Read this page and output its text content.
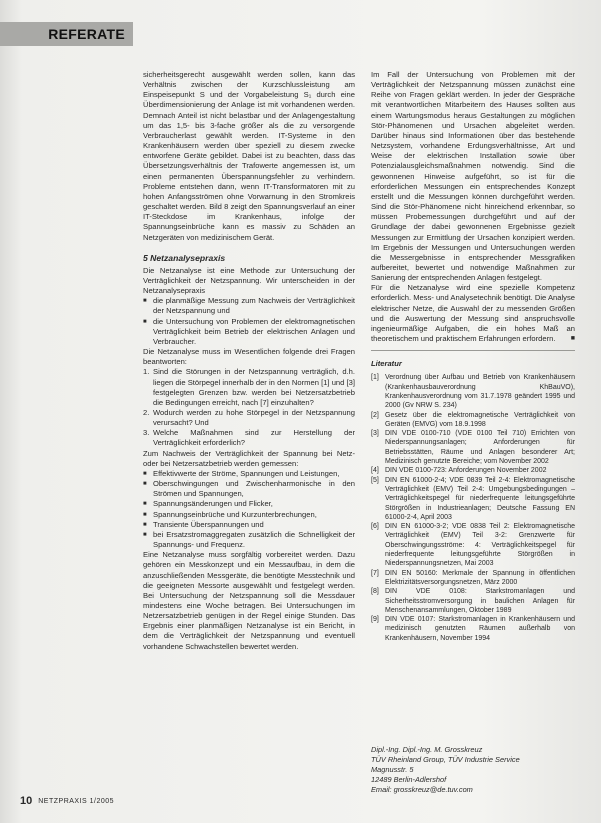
REFERATE

sicherheitsgerecht ausgewählt werden sollen, kann das Verhältnis zwischen der Kurzschlussleistung am Einspeisepunkt S und der Vorgabeleistung S₁ durch eine Überdimensionierung der Anlage ist mit vorhandenen werden. Demnach Anteil ist nicht belastbar und der Anlagengestaltung um das 1,5- bis 3-fache größer als die zu versorgende Verbraucherlast gewählt werden. IT-Systeme in den Krankenhäusern werden über speziell zu diesem zwecke entworfene Geräte gebildet. Dabei ist zu beachten, dass das Übersetzungsverhältnis der Trafowerte angemessen ist, um einen permanenten Überspannungsfehler zu verhindern. Probleme entstehen dann, wenn IT-Transformatoren mit zu hohen Anfangsströmen ohne Vorwarnung in den Stromkreis geschaltet werden. Bild 8 zeigt den Spannungsverlauf an einer IT-Steckdose im Krankenhaus, infolge der Spannungseinbrüche kann es massiv zu Schäden an Netzgeräten von medizinischem Gerät.

5 Netzanalysepraxis

Die Netzanalyse ist eine Methode zur Untersuchung der Verträglichkeit der Netzspannung. Wir unterscheiden in der Netzanalysepraxis

■ die planmäßige Messung zum Nachweis der Verträglichkeit der Netzspannung und
■ die Untersuchung von Problemen der elektromagnetischen Verträglichkeit beim Betrieb der elektrischen Anlagen und Verbraucher.

Die Netzanalyse muss im Wesentlichen folgende drei Fragen beantworten:

1. Sind die Störungen in der Netzspannung verträglich, d.h. liegen die Störpegel innerhalb der in den Normen [1] und [3] festgelegten Grenzen bzw. werden bei Netzersatzbetrieb die Bedingungen erreicht, nach [7] einzuhalten?
2. Wodurch werden zu hohe Störpegel in der Netzspannung verursacht? Und
3. Welche Maßnahmen sind zur Herstellung der Verträglichkeit erforderlich?

Zum Nachweis der Verträglichkeit der Spannung bei Netz- oder bei Netzersatzbetrieb werden gemessen:

■ Effektivwerte der Ströme, Spannungen und Leistungen,
■ Oberschwingungen und Zwischenharmonische in den Strömen und Spannungen,
■ Spannungsänderungen und Flicker,
■ Spannungseinbrüche und Kurzunterbrechungen,
■ Transiente Überspannungen und
■ bei Ersatzstromaggregaten zusätzlich die Schnelligkeit der Spannungs- und Frequenz.

Eine Netzanalyse muss sorgfältig vorbereitet werden. Dazu gehören ein Messkonzept und ein Messaufbau, in dem die anzuschließenden Messgeräte, die benötigte Messtechnik und die geeigneten Messorte ausgewählt und festgelegt werden. Bei Untersuchung der Netzspannung soll die Messdauer mindestens eine Woche betragen. Bei Untersuchungen im Netzersatzbetrieb genügen in der Regel einige Stunden. Das Ergebnis einer planmäßigen Netzanalyse ist ein Bericht, in dem die Verträglichkeit der Netzspannung und eventuell vorhandene Schwachstellen bewertet werden.

Im Fall der Untersuchung von Problemen mit der Verträglichkeit der Netzspannung müssen zunächst eine Reihe von Fragen geklärt werden. In jeder der Gespräche mit verantwortlichen Mitarbeitern des Hauses sollten aus einem Wartungsmodus heraus Gestaltungen zu möglichen Stör-Phänomenen und Ursachen abgeleitet werden. Darüber hinaus sind Informationen über das bestehende Netzsystem, vorhandene Erdungsverhältnisse, Art und Weise der elektrischen Installation sowie über Potenzialausgleichsmaßnahmen notwendig. Sind die gewonnenen Hinweise aufgeführt, so ist für die erforderlichen Messungen ein entsprechendes Konzept erstellt und die Messungen können durchgeführt werden. Sind die Stör-Phänomene nicht hinreichend erkennbar, so müssen Probemessungen durchgeführt und auf der Grundlage der dabei gewonnenen Ergebnisse gezielt Messungen zur Ermittlung der Ursachen konzipiert werden. Im Ergebnis der Messungen und Untersuchungen werden die Messergebnisse in entsprechender Messgrafiken aufbereitet, bewertet und notwendige Maßnahmen zur Sanierung der entsprechenden Anlagen festgelegt.

Für die Netzanalyse wird eine spezielle Kompetenz erforderlich. Mess- und Analysetechnik benötigt. Die Analyse elektrischer Netze, die Auswahl der zu messenden Größen und die Auswertung der Messung sind anspruchsvolle ingenieurmäßige Aufgaben, die ein hohes Maß an theoretischem und praktischem Erfahrungen erfordern. ■

Literatur
[1] Verordnung über Aufbau und Betrieb von Krankenhäusern (Krankenhausbauverordnung KhBauVO), Krankenhausverordnung vom 31.7.1978 geändert 1995 und 2000 (Gv NRW S. 234)
[2] Gesetz über die elektromagnetische Verträglichkeit von Geräten (EMVG) vom 18.9.1998
[3] DIN VDE 0100-710 (VDE 0100 Teil 710) Errichten von Niederspannungsanlagen; Anforderungen für Betriebsstätten, Räume und Anlagen besonderer Art; Medizinisch genutzte Bereiche; vom November 2002
[4] DIN VDE 0100-723: Anforderungen November 2002
[5] DIN EN 61000-2-4; VDE 0839 Teil 2-4: Elektromagnetische Verträglichkeit (EMV) Teil 2-4: Umgebungsbedingungen – Verträglichkeitspegel für niederfrequente leitungsgeführte Störgrößen in Industrieanlagen; Deutsche Fassung EN 61000-2-4, April 2003
[6] DIN EN 61000-3-2; VDE 0838 Teil 2: Elektromagnetische Verträglichkeit (EMV) Teil 3-2: Grenzwerte für Oberschwingungsströme: 4: Verträglichkeitspegel für niederfrequente leitungsgeführte Störgrößen in Niederspannungsnetzen, Mai 2003
[7] DIN EN 50160: Merkmale der Spannung in öffentlichen Elektrizitätsversorgungsnetzen, März 2000
[8] DIN VDE 0108: Starkstromanlagen und Sicherheitsstromversorgung in baulichen Anlagen für Menschenansammlungen, Oktober 1989
[9] DIN VDE 0107: Starkstromanlagen in Krankenhäusern und medizinisch genutzten Räumen außerhalb von Krankenhäusern, November 1994
Dipl.-Ing. Dipl.-Ing. M. Grosskreuz
TÜV Rheinland Group, TÜV Industrie Service
Magnusstr. 5
12489 Berlin-Adlershof
Email: grosskreuz@de.tuv.com
10 NETZPRAXIS 1/2005
